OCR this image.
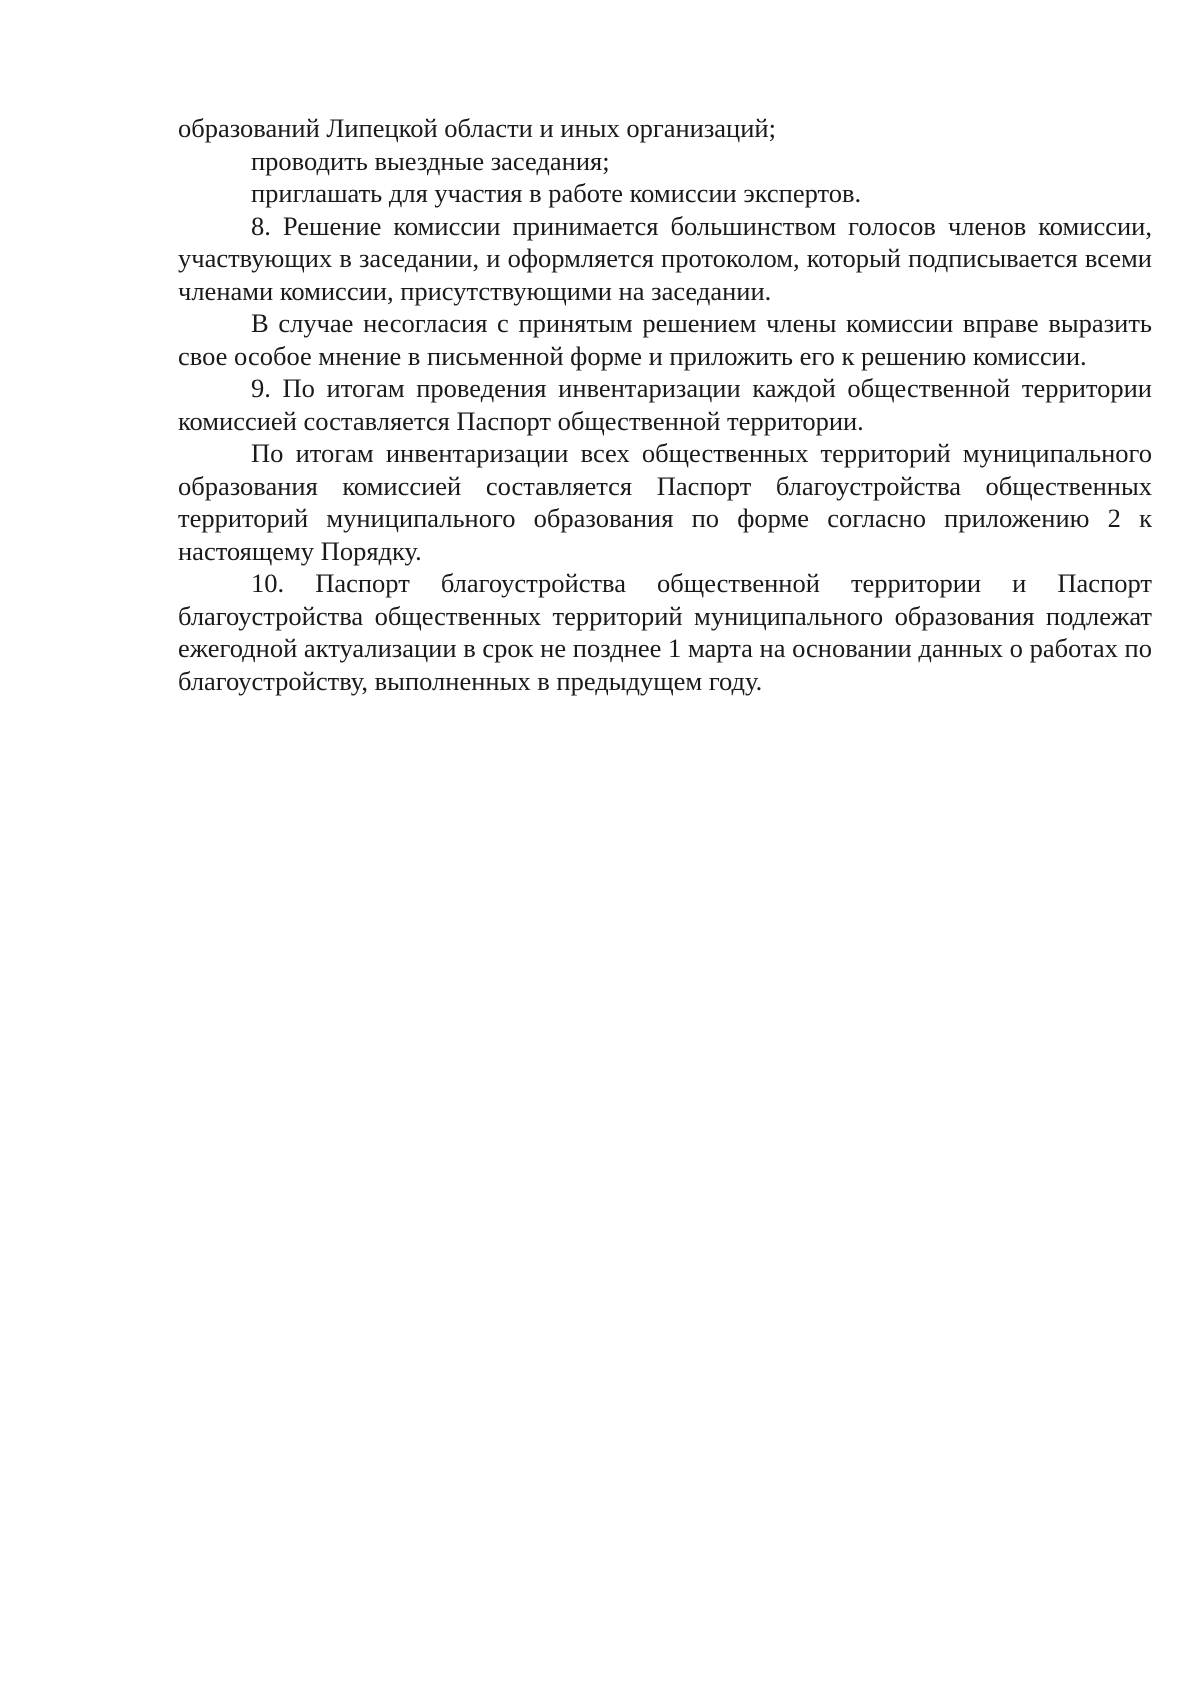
образований Липецкой области и иных организаций;

проводить выездные заседания;

приглашать для участия в работе комиссии экспертов.

8. Решение комиссии принимается большинством голосов членов комиссии, участвующих в заседании, и оформляется протоколом, который подписывается всеми членами комиссии, присутствующими на заседании.

В случае несогласия с принятым решением члены комиссии вправе выразить свое особое мнение в письменной форме и приложить его к решению комиссии.

9. По итогам проведения инвентаризации каждой общественной территории комиссией составляется Паспорт общественной территории.

По итогам инвентаризации всех общественных территорий муниципального образования комиссией составляется Паспорт благоустройства общественных территорий муниципального образования по форме согласно приложению 2 к настоящему Порядку.

10. Паспорт благоустройства общественной территории и Паспорт благоустройства общественных территорий муниципального образования подлежат ежегодной актуализации в срок не позднее 1 марта на основании данных о работах по благоустройству, выполненных в предыдущем году.
